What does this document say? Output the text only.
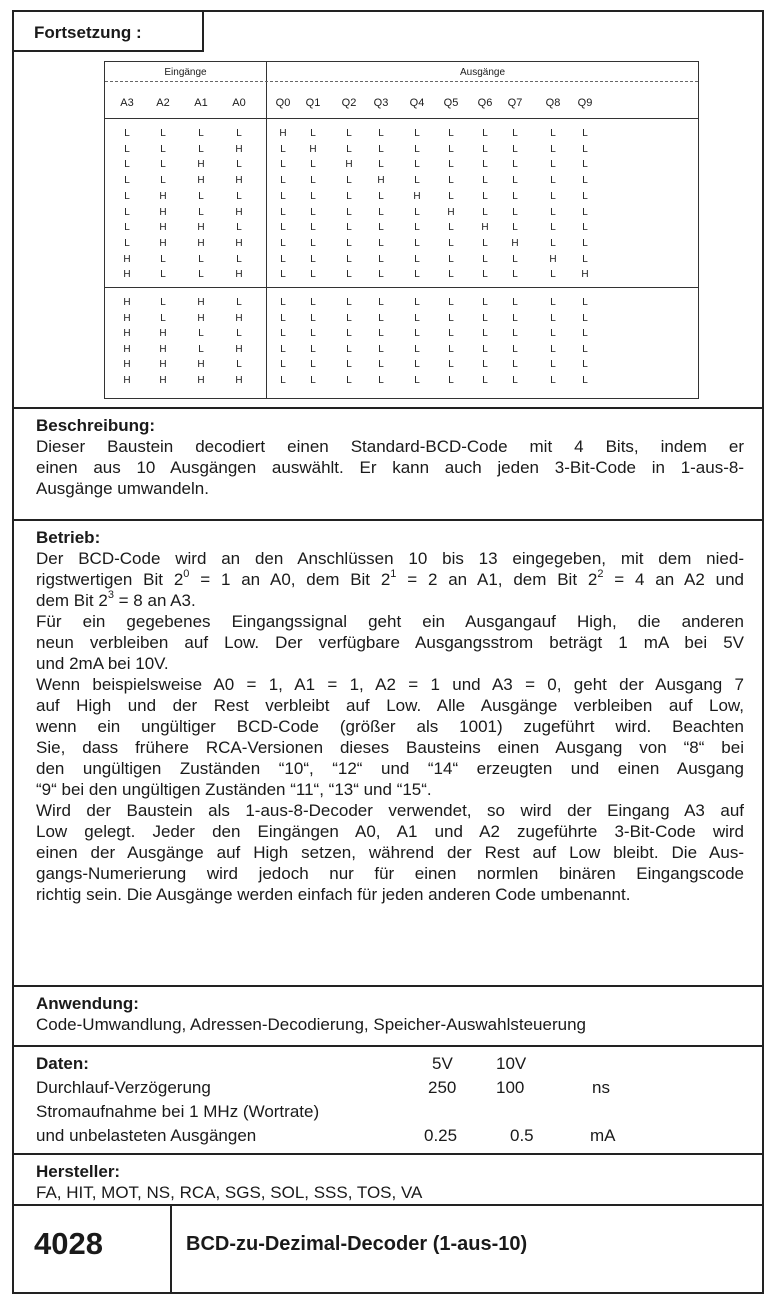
Fortsetzung :
Eingänge	Ausgänge
A3	A2	A1	A0	Q0	Q1	Q2	Q3	Q4	Q5	Q6	Q7	Q8	Q9
L	L	L	L	H	L	L	L	L	L	L	L	L	L
L	L	L	H	L	H	L	L	L	L	L	L	L	L
L	L	H	L	L	L	H	L	L	L	L	L	L	L
L	L	H	H	L	L	L	H	L	L	L	L	L	L
L	H	L	L	L	L	L	L	H	L	L	L	L	L
L	H	L	H	L	L	L	L	L	H	L	L	L	L
L	H	H	L	L	L	L	L	L	L	H	L	L	L
L	H	H	H	L	L	L	L	L	L	L	H	L	L
H	L	L	L	L	L	L	L	L	L	L	L	H	L
H	L	L	H	L	L	L	L	L	L	L	L	L	H
H	L	H	L	L	L	L	L	L	L	L	L	L	L
H	L	H	H	L	L	L	L	L	L	L	L	L	L
H	H	L	L	L	L	L	L	L	L	L	L	L	L
H	H	L	H	L	L	L	L	L	L	L	L	L	L
H	H	H	L	L	L	L	L	L	L	L	L	L	L
H	H	H	H	L	L	L	L	L	L	L	L	L	L
Beschreibung:

Dieser Baustein decodiert einen Standard-BCD-Code mit 4 Bits, indem er
einen aus 10 Ausgängen auswählt. Er kann auch jeden 3-Bit-Code in 1-aus-8-
Ausgänge umwandeln.

Betrieb:

Der BCD-Code wird an den Anschlüssen 10 bis 13 eingegeben, mit dem nied-
rigstwertigen Bit $2^0 = 1$ an A0, dem Bit $2^1 = 2$ an A1, dem Bit $2^2 = 4$ an A2 und
dem Bit $2^3 = 8$ an A3.

Für ein gegebenes Eingangssignal geht ein Ausgangauf High, die anderen
neun verbleiben auf Low. Der verfügbare Ausgangsstrom beträgt 1 mA bei 5V
und 2mA bei 10V.

Wenn beispielsweise A0 = 1, A1 = 1, A2 = 1 und A3 = 0, geht der Ausgang 7
auf High und der Rest verbleibt auf Low. Alle Ausgänge verbleiben auf Low,
wenn ein ungültiger BCD-Code (größer als 1001) zugeführt wird. Beachten
Sie, dass frühere RCA-Versionen dieses Bausteins einen Ausgang von “8“ bei
den ungültigen Zuständen “10“, “12“ und “14“ erzeugten und einen Ausgang
“9“ bei den ungültigen Zuständen “11“, “13“ und “15“.

Wird der Baustein als 1-aus-8-Decoder verwendet, so wird der Eingang A3 auf
Low gelegt. Jeder den Eingängen A0, A1 und A2 zugeführte 3-Bit-Code wird
einen der Ausgänge auf High setzen, während der Rest auf Low bleibt. Die Aus-
gangs-Numerierung wird jedoch nur für einen normlen binären Eingangscode
richtig sein. Die Ausgänge werden einfach für jeden anderen Code umbenannt.

Anwendung:
Code-Umwandlung, Adressen-Decodierung, Speicher-Auswahlsteuerung
Daten:	5V	10V
Durchlauf-Verzögerung	250 100	ns
Stromaufnahme bei 1 MHz (Wortrate)
und unbelasteten Ausgängen	0.25	0.5	mA
Hersteller:
FA, HIT, MOT, NS, RCA, SGS, SOL, SSS, TOS, VA
4028	BCD-zu-Dezimal-Decoder (1-aus-10)
